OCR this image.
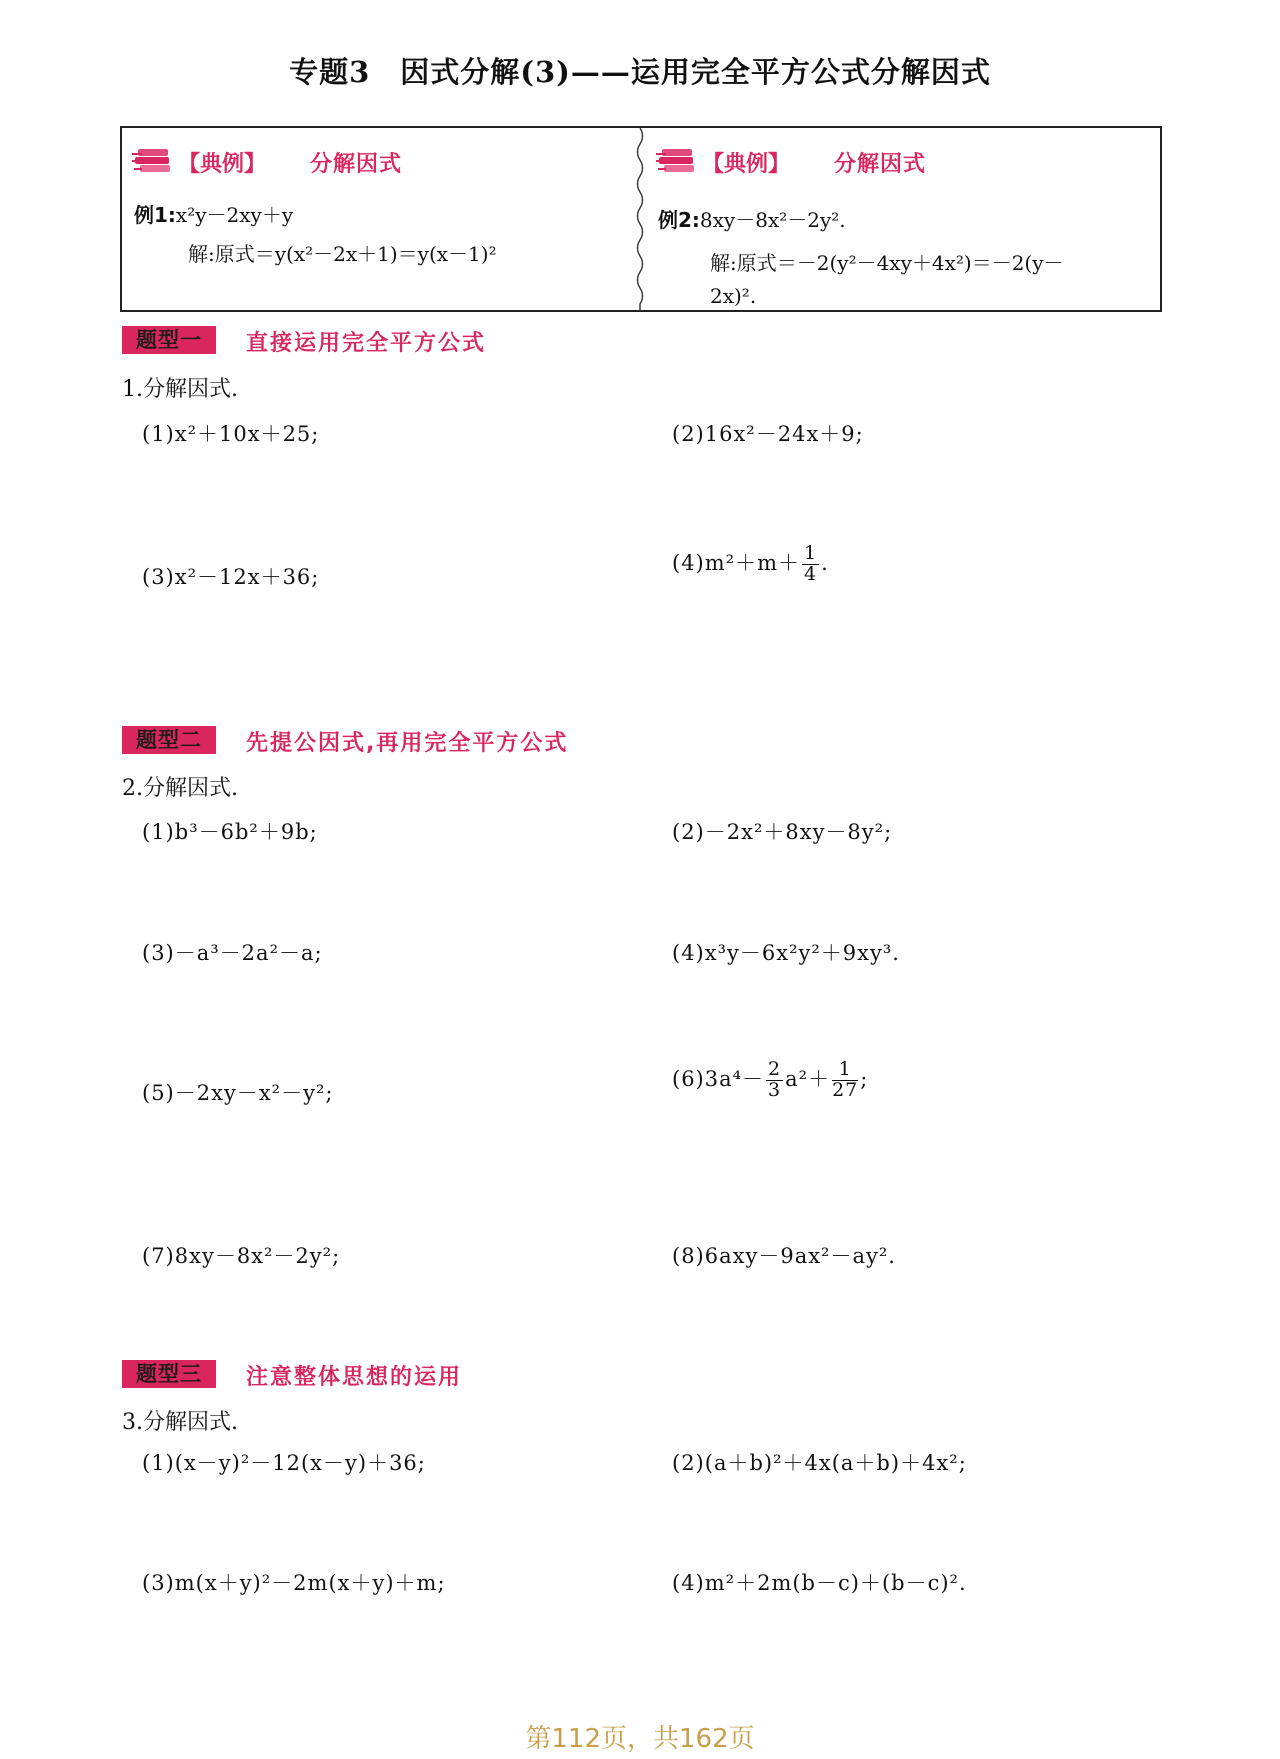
专题3　因式分解(3)——运用完全平方公式分解因式
【典例】 分解因式
例1:x²y－2xy＋y
解:原式＝y(x²－2x＋1)＝y(x－1)²
【典例】 分解因式
例2:8xy－8x²－2y².
解:原式＝－2(y²－4xy＋4x²)＝－2(y－
2x)².
题型一	直接运用完全平方公式
1.分解因式.
(1)x²＋10x＋25;	(2)16x²－24x＋9;
(3)x²－12x＋36;
$(4)m^2+m+ \frac{1}{4}$ .
题型二	先提公因式,再用完全平方公式
2.分解因式.
(1)b³－6b²＋9b;	(2)－2x²＋8xy－8y²;
(3)－a³－2a²－a;	(4)x³y－6x²y²＋9xy³.
(5)－2xy－x²－y²;
$(6)3a^4- \frac{2}{3} a^2+ \frac{1}{27}$ ;
(7)8xy－8x²－2y²;	(8)6axy－9ax²－ay².
题型三	注意整体思想的运用
3.分解因式.
(1)(x－y)²－12(x－y)＋36;	(2)(a＋b)²＋4x(a＋b)＋4x²;
(3)m(x＋y)²－2m(x＋y)＋m;	(4)m²＋2m(b－c)＋(b－c)².
第112页，共162页
